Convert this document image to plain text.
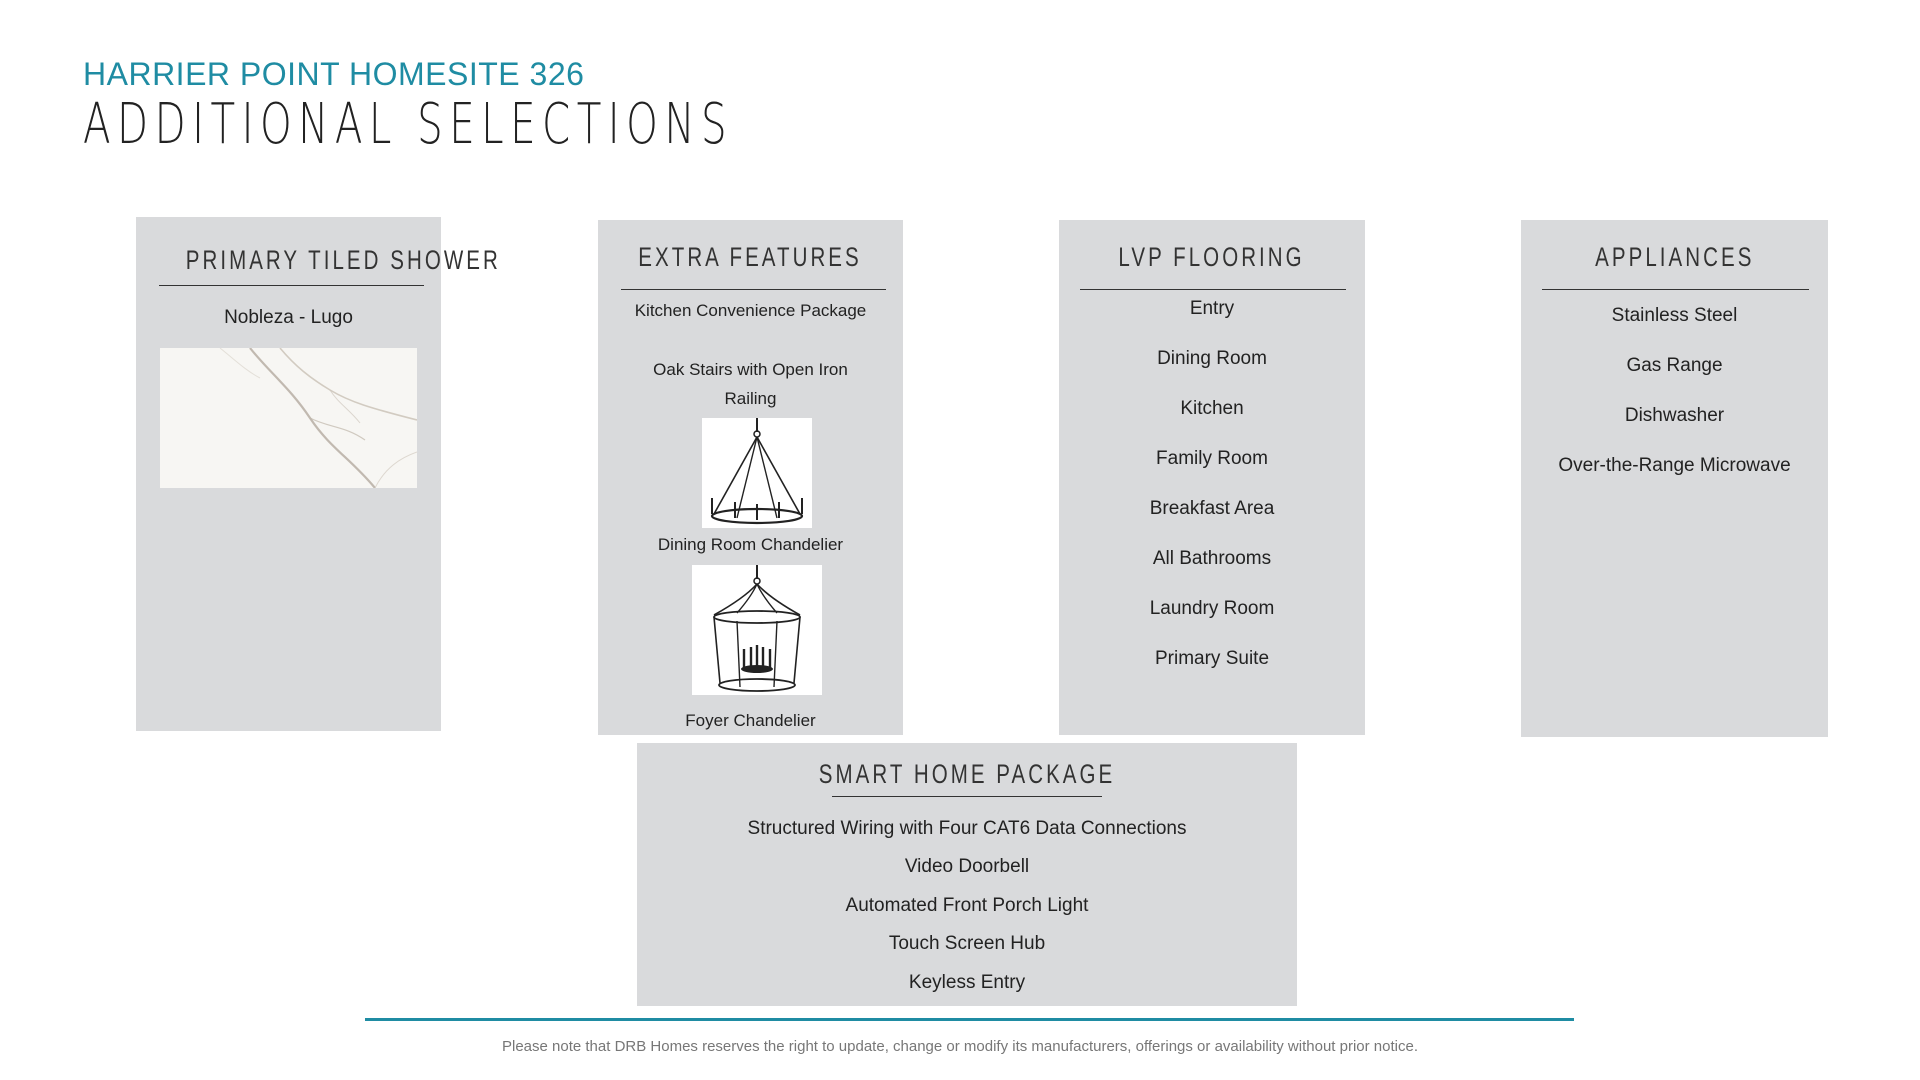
HARRIER POINT HOMESITE 326
ADDITIONAL SELECTIONS
PRIMARY TILED SHOWER
Nobleza - Lugo
EXTRA FEATURES
Kitchen Convenience Package
Oak Stairs with Open Iron
Railing
Dining Room Chandelier
Foyer Chandelier
LVP FLOORING
Entry
Dining Room
Kitchen
Family Room
Breakfast Area
All Bathrooms
Laundry Room
Primary Suite
APPLIANCES
Stainless Steel
Gas Range
Dishwasher
Over-the-Range Microwave
SMART HOME PACKAGE
Structured Wiring with Four CAT6 Data Connections
Video Doorbell
Automated Front Porch Light
Touch Screen Hub
Keyless Entry
Please note that DRB Homes reserves the right to update, change or modify its manufacturers, offerings or availability without prior notice.
